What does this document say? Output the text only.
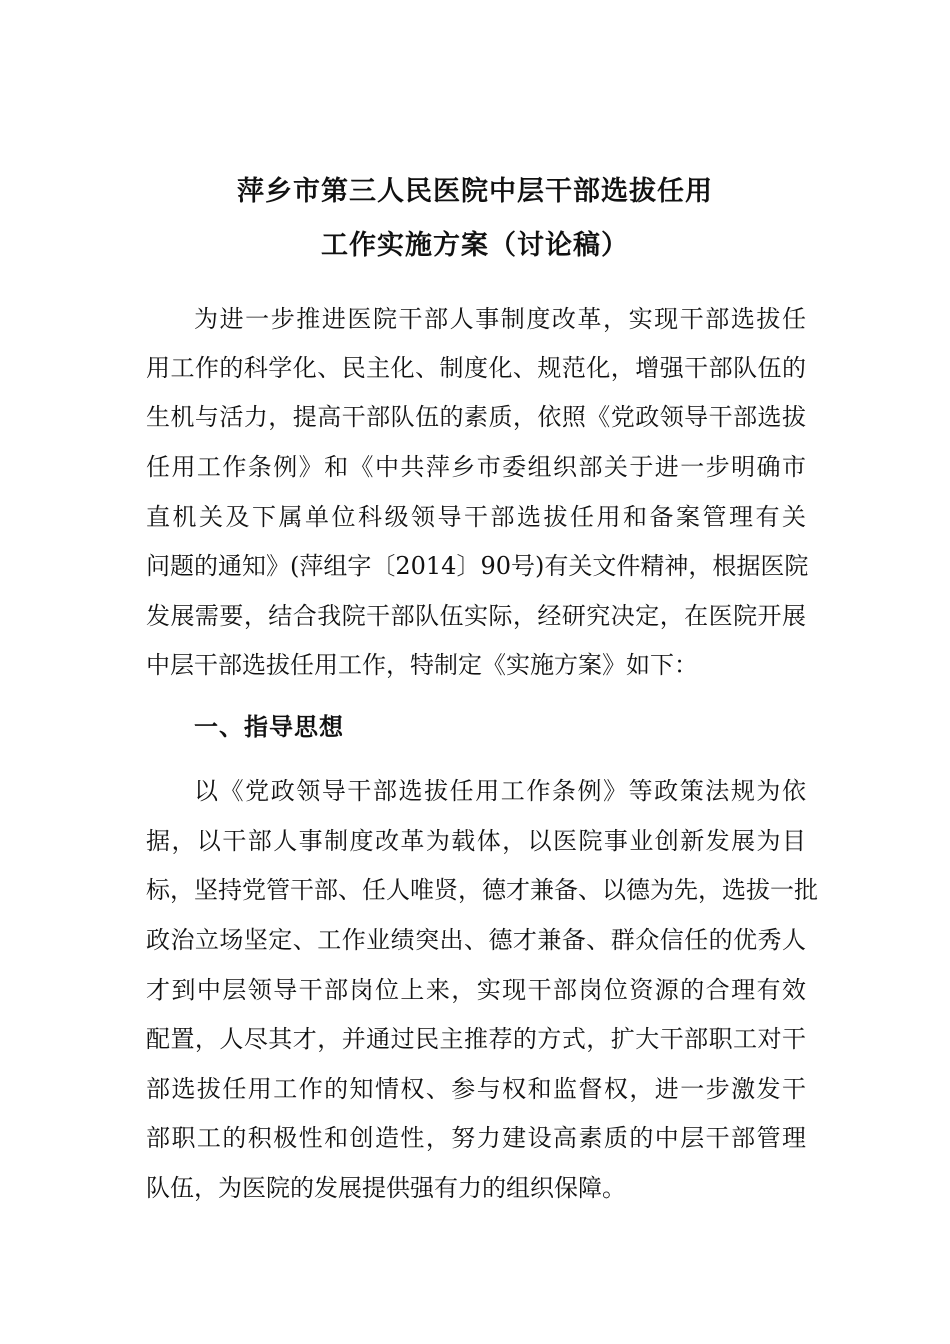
萍乡市第三人民医院中层干部选拔任用
工作实施方案（讨论稿）
为进一步推进医院干部人事制度改革，实现干部选拔任
用工作的科学化、民主化、制度化、规范化，增强干部队伍的
生机与活力，提高干部队伍的素质，依照《党政领导干部选拔
任用工作条例》和《中共萍乡市委组织部关于进一步明确市
直机关及下属单位科级领导干部选拔任用和备案管理有关
问题的通知》(萍组字〔2014〕90号)有关文件精神，根据医院
发展需要，结合我院干部队伍实际，经研究决定，在医院开展
中层干部选拔任用工作，特制定《实施方案》如下：
一、指导思想
以《党政领导干部选拔任用工作条例》等政策法规为依
据，以干部人事制度改革为载体，以医院事业创新发展为目
标，坚持党管干部、任人唯贤，德才兼备、以德为先，选拔一批
政治立场坚定、工作业绩突出、德才兼备、群众信任的优秀人
才到中层领导干部岗位上来，实现干部岗位资源的合理有效
配置，人尽其才，并通过民主推荐的方式，扩大干部职工对干
部选拔任用工作的知情权、参与权和监督权，进一步激发干
部职工的积极性和创造性，努力建设高素质的中层干部管理
队伍，为医院的发展提供强有力的组织保障。
